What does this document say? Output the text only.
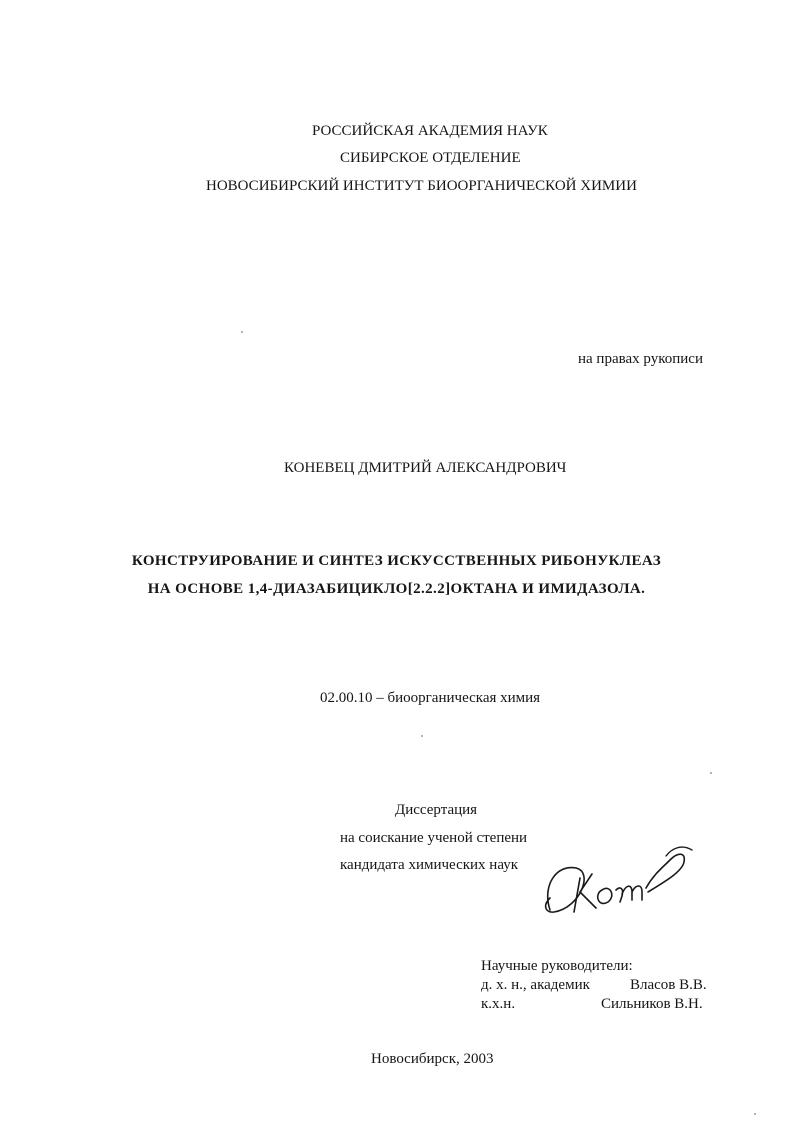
РОССИЙСКАЯ АКАДЕМИЯ НАУК
СИБИРСКОЕ ОТДЕЛЕНИЕ
НОВОСИБИРСКИЙ ИНСТИТУТ БИООРГАНИЧЕСКОЙ ХИМИИ
на правах рукописи
КОНЕВЕЦ ДМИТРИЙ АЛЕКСАНДРОВИЧ
КОНСТРУИРОВАНИЕ И СИНТЕЗ ИСКУССТВЕННЫХ РИБОНУКЛЕАЗ
НА ОСНОВЕ 1,4-ДИАЗАБИЦИКЛО[2.2.2]ОКТАНА И ИМИДАЗОЛА.
02.00.10 – биоорганическая химия
Диссертация
на соискание ученой степени
кандидата химических наук
Научные руководители:
д. х. н., академик	Власов В.В.
к.х.н.	Сильников В.Н.
Новосибирск, 2003
